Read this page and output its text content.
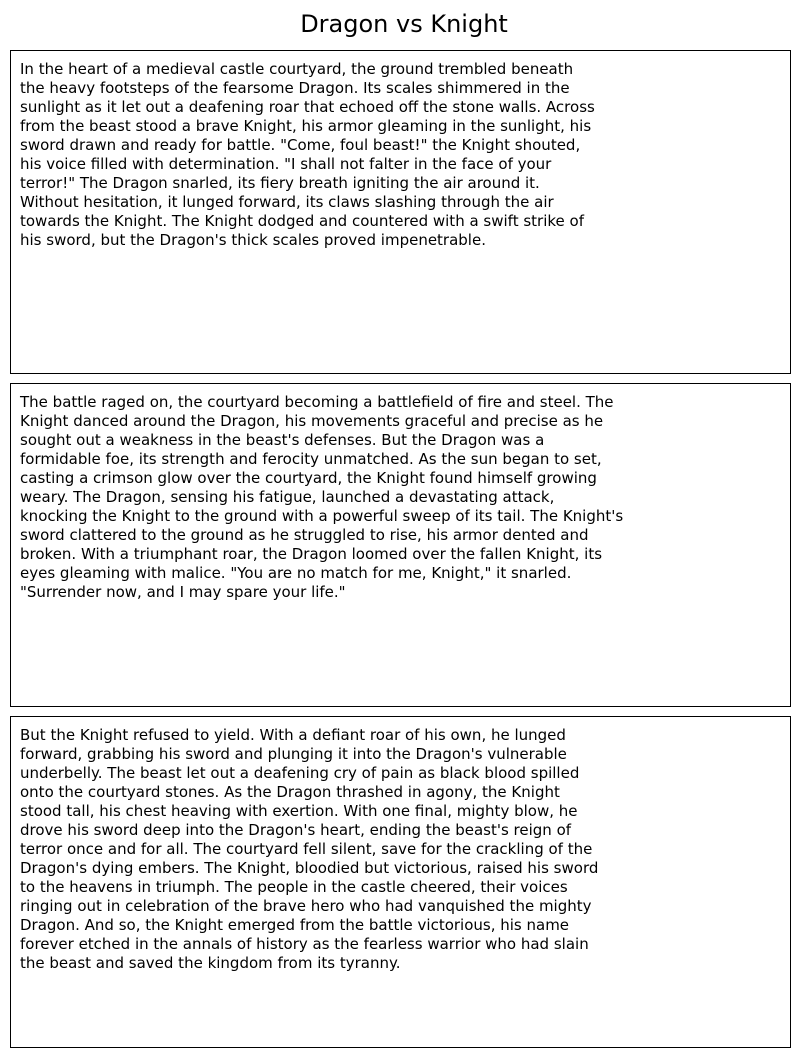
Dragon vs Knight

In the heart of a medieval castle courtyard, the ground trembled beneath the heavy footsteps of the fearsome Dragon. Its scales shimmered in the sunlight as it let out a deafening roar that echoed off the stone walls. Across from the beast stood a brave Knight, his armor gleaming in the sunlight, his sword drawn and ready for battle. "Come, foul beast!" the Knight shouted, his voice filled with determination. "I shall not falter in the face of your terror!" The Dragon snarled, its fiery breath igniting the air around it. Without hesitation, it lunged forward, its claws slashing through the air towards the Knight. The Knight dodged and countered with a swift strike of his sword, but the Dragon's thick scales proved impenetrable.

The battle raged on, the courtyard becoming a battlefield of fire and steel. The Knight danced around the Dragon, his movements graceful and precise as he sought out a weakness in the beast's defenses. But the Dragon was a formidable foe, its strength and ferocity unmatched. As the sun began to set, casting a crimson glow over the courtyard, the Knight found himself growing weary. The Dragon, sensing his fatigue, launched a devastating attack, knocking the Knight to the ground with a powerful sweep of its tail. The Knight's sword clattered to the ground as he struggled to rise, his armor dented and broken. With a triumphant roar, the Dragon loomed over the fallen Knight, its eyes gleaming with malice. "You are no match for me, Knight," it snarled. "Surrender now, and I may spare your life."

But the Knight refused to yield. With a defiant roar of his own, he lunged forward, grabbing his sword and plunging it into the Dragon's vulnerable underbelly. The beast let out a deafening cry of pain as black blood spilled onto the courtyard stones. As the Dragon thrashed in agony, the Knight stood tall, his chest heaving with exertion. With one final, mighty blow, he drove his sword deep into the Dragon's heart, ending the beast's reign of terror once and for all. The courtyard fell silent, save for the crackling of the Dragon's dying embers. The Knight, bloodied but victorious, raised his sword to the heavens in triumph. The people in the castle cheered, their voices ringing out in celebration of the brave hero who had vanquished the mighty Dragon. And so, the Knight emerged from the battle victorious, his name forever etched in the annals of history as the fearless warrior who had slain the beast and saved the kingdom from its tyranny.
